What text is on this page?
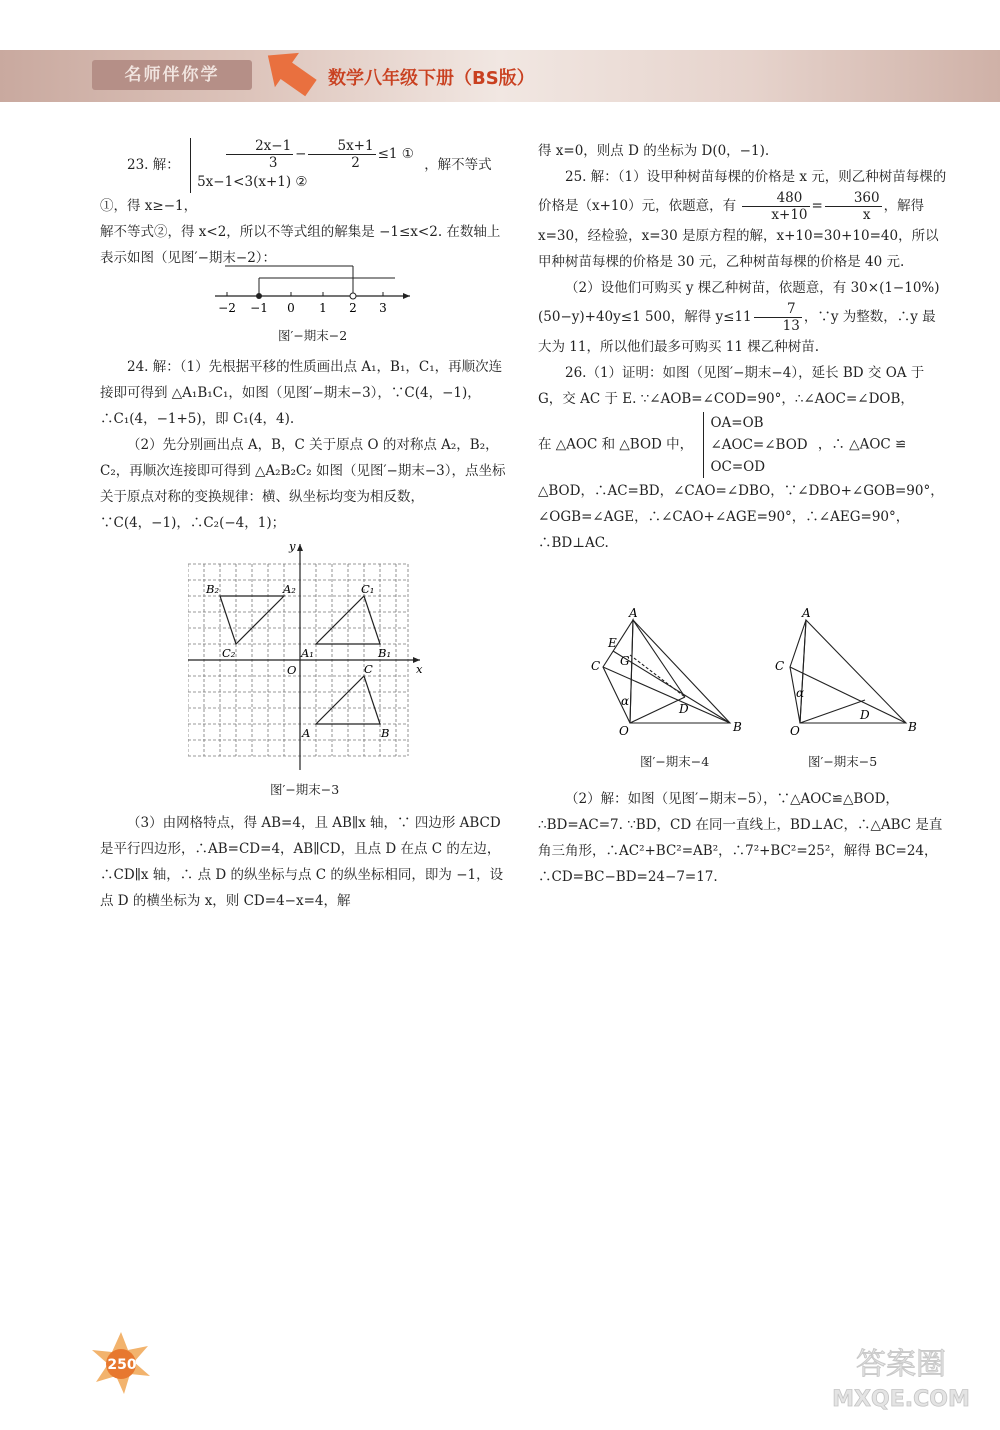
名师伴你学	数学八年级下册（BS版）

23. 解：	$\frac{2x-1}{3} - \frac{5x+1}{2} \le 1$ ①
5x−1<3(x+1) ② ，解不等式①，得 x≥−1，

解不等式②，得 x<2，所以不等式组的解集是 −1≤x<2. 在数轴上表示如图（见图′−期末−2）：

−2 −1 0 1 2 3
图′−期末−2

24. 解：（1）先根据平移的性质画出点 A₁，B₁，C₁，再顺次连接即可得到 △A₁B₁C₁，如图（见图′−期末−3），∵C(4，−1)，∴C₁(4，−1+5)，即 C₁(4，4).

（2）先分别画出点 A，B，C 关于原点 O 的对称点 A₂，B₂，C₂，再顺次连接即可得到 △A₂B₂C₂ 如图（见图′−期末−3），点坐标关于原点对称的变换规律：横、纵坐标均变为相反数，∵C(4，−1)，∴C₂(−4，1)；

y
x
O
A	B
C
A₁	B₁
C₁
A₂
B₂
C₂
图′−期末−3

（3）由网格特点，得 AB=4，且 AB∥x 轴，∵ 四边形 ABCD 是平行四边形，∴AB=CD=4，AB∥CD，且点 D 在点 C 的左边，∴CD∥x 轴，∴ 点 D 的纵坐标与点 C 的纵坐标相同，即为 −1，设点 D 的横坐标为 x，则 CD=4−x=4，解

得 x=0，则点 D 的坐标为 D(0，−1).

25. 解：（1）设甲种树苗每棵的价格是 x 元，则乙种树苗每棵的价格是（x+10）元，依题意，有 $\frac{480}{x+10} = \frac{360}{x}$ ，解得 x=30，经检验，x=30 是原方程的解，x+10=30+10=40，所以甲种树苗每棵的价格是 30 元，乙种树苗每棵的价格是 40 元.

（2）设他们可购买 y 棵乙种树苗，依题意，有 30×(1−10%)(50−y)+40y≤1 500，解得 $y\le 11 \frac{7}{13}$ ，∵y 为整数，∴y 最大为 11，所以他们最多可购买 11 棵乙种树苗.

26.（1）证明：如图（见图′−期末−4），延长 BD 交 OA 于 G，交 AC 于 E. ∵∠AOB=∠COD=90°，∴∠AOC=∠DOB，

在 △AOC 和 △BOD 中， OA=OB
∠AOC=∠BOD
OC=OD ，∴ △AOC ≌

△BOD，∴AC=BD，∠CAO=∠DBO，∵∠DBO+∠GOB=90°，∠OGB=∠AGE，∴∠CAO+∠AGE=90°，∴∠AEG=90°，∴BD⊥AC.

A
B
C
D
E
G
O
α
图′−期末−4
A
B
C
D
O
α
图′−期末−5

（2）解：如图（见图′−期末−5），∵△AOC≌△BOD，∴BD=AC=7. ∵BD，CD 在同一直线上，BD⊥AC，∴△ABC 是直角三角形，∴AC²+BC²=AB²，∴7²+BC²=25²，解得 BC=24，∴CD=BC−BD=24−7=17.

250	答案圈
MXQE.COM
